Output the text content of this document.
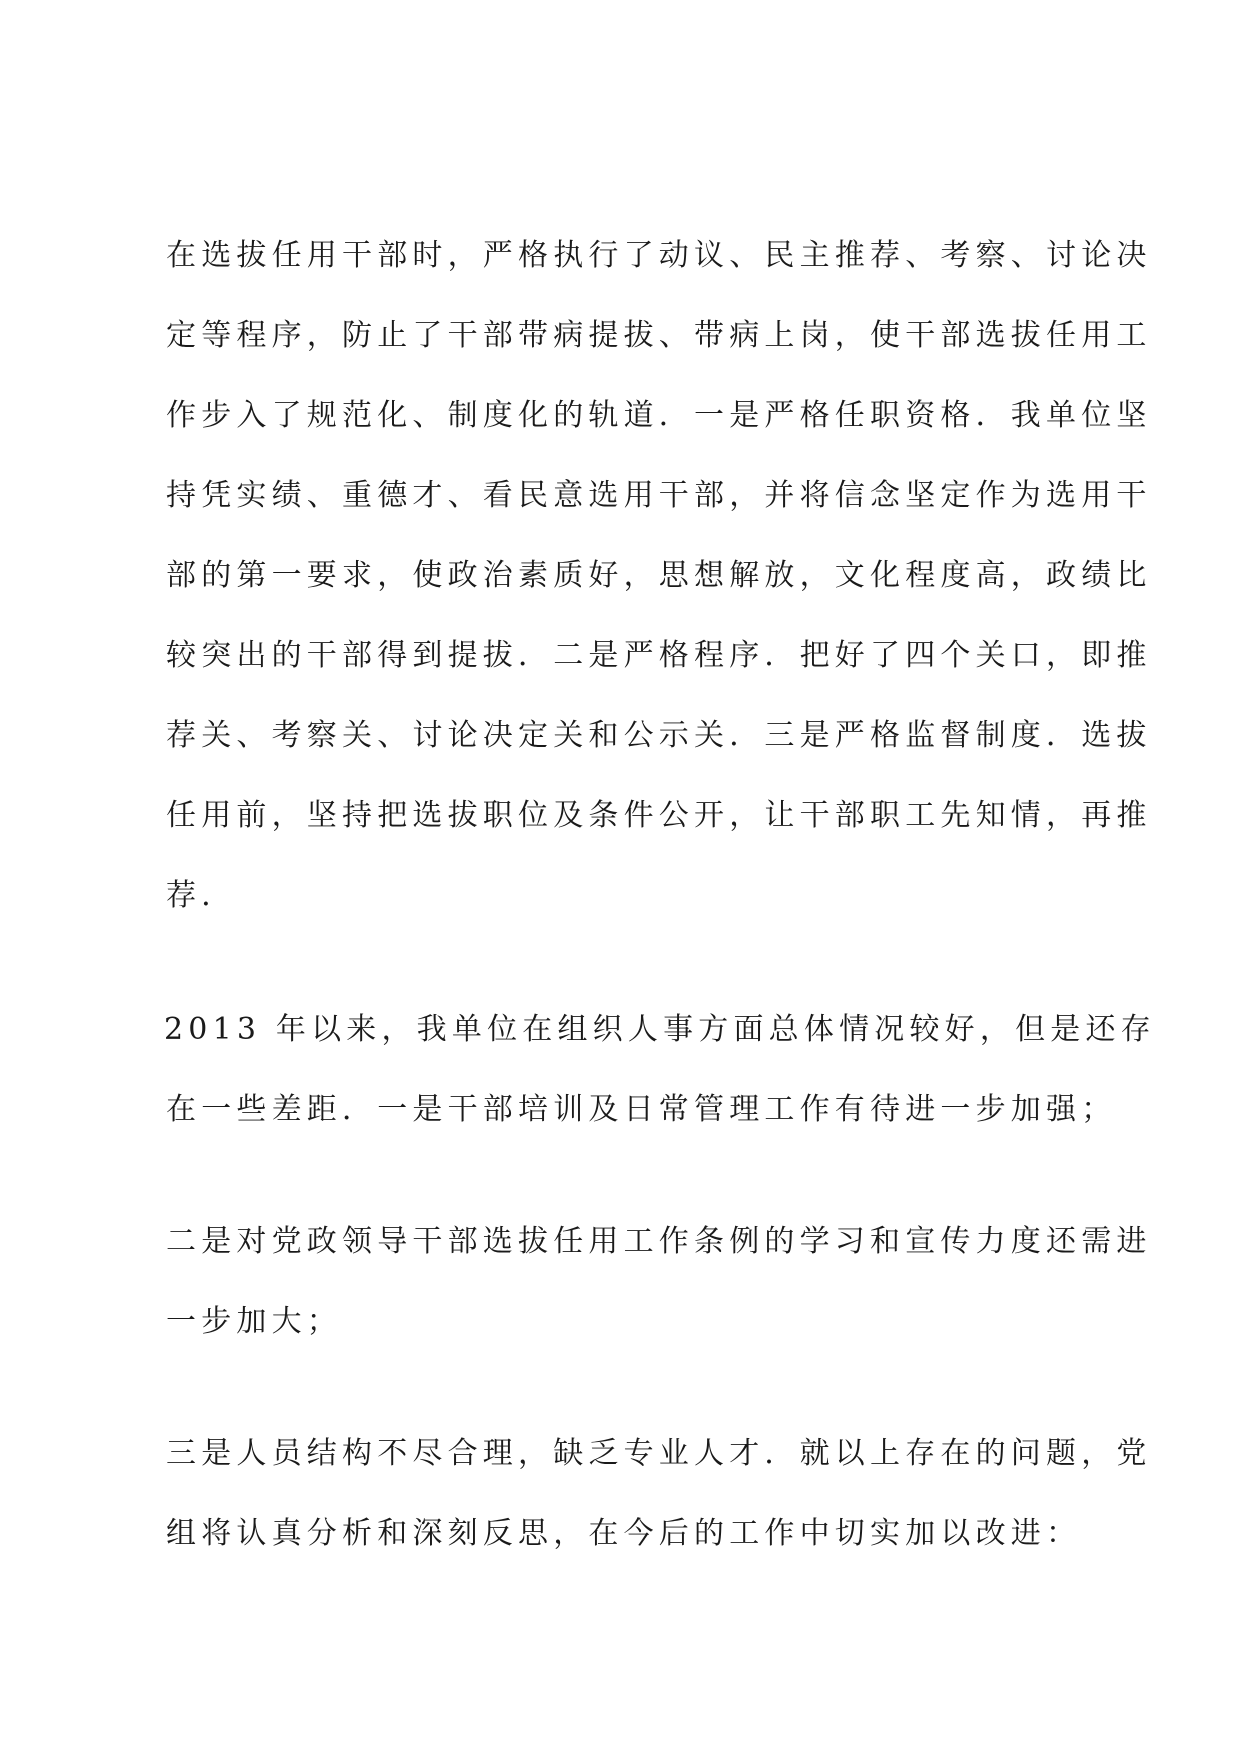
在选拔任用干部时，严格执行了动议、民主推荐、考察、讨论决
定等程序，防止了干部带病提拔、带病上岗，使干部选拔任用工
作步入了规范化、制度化的轨道．一是严格任职资格．我单位坚
持凭实绩、重德才、看民意选用干部，并将信念坚定作为选用干
部的第一要求，使政治素质好，思想解放，文化程度高，政绩比
较突出的干部得到提拔．二是严格程序．把好了四个关口，即推
荐关、考察关、讨论决定关和公示关．三是严格监督制度．选拔
任用前，坚持把选拔职位及条件公开，让干部职工先知情，再推
荐．
2013 年以来，我单位在组织人事方面总体情况较好，但是还存
在一些差距．一是干部培训及日常管理工作有待进一步加强；
二是对党政领导干部选拔任用工作条例的学习和宣传力度还需进
一步加大；
三是人员结构不尽合理，缺乏专业人才．就以上存在的问题，党
组将认真分析和深刻反思，在今后的工作中切实加以改进：
